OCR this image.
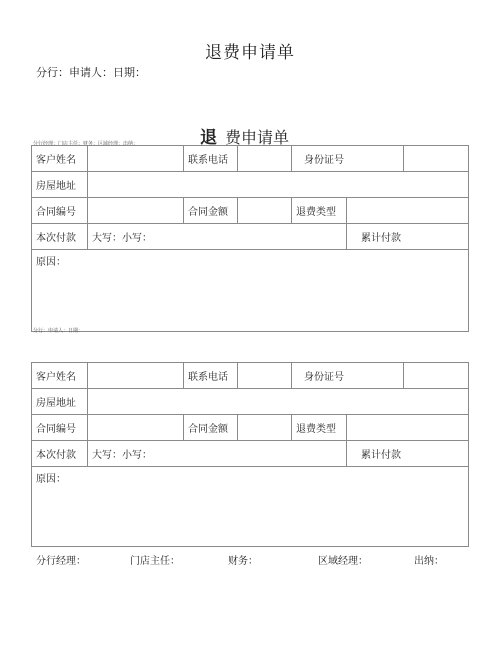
退费申请单
分行：申请人：日期：
退 费申请单
分行经理：门店主任：财务：区域经理：出纳：
客户姓名		联系电话		身份证号		
房屋地址						
合同编号		合同金额		退费类型		
本次付款	大写：小写：				累计付款	
原因：						
分行：申请人：日期：
客户姓名		联系电话		身份证号		
房屋地址						
合同编号		合同金额		退费类型		
本次付款	大写：小写：				累计付款	
原因：						
分行经理：	门店主任：	财务：	区域经理：	出纳：
